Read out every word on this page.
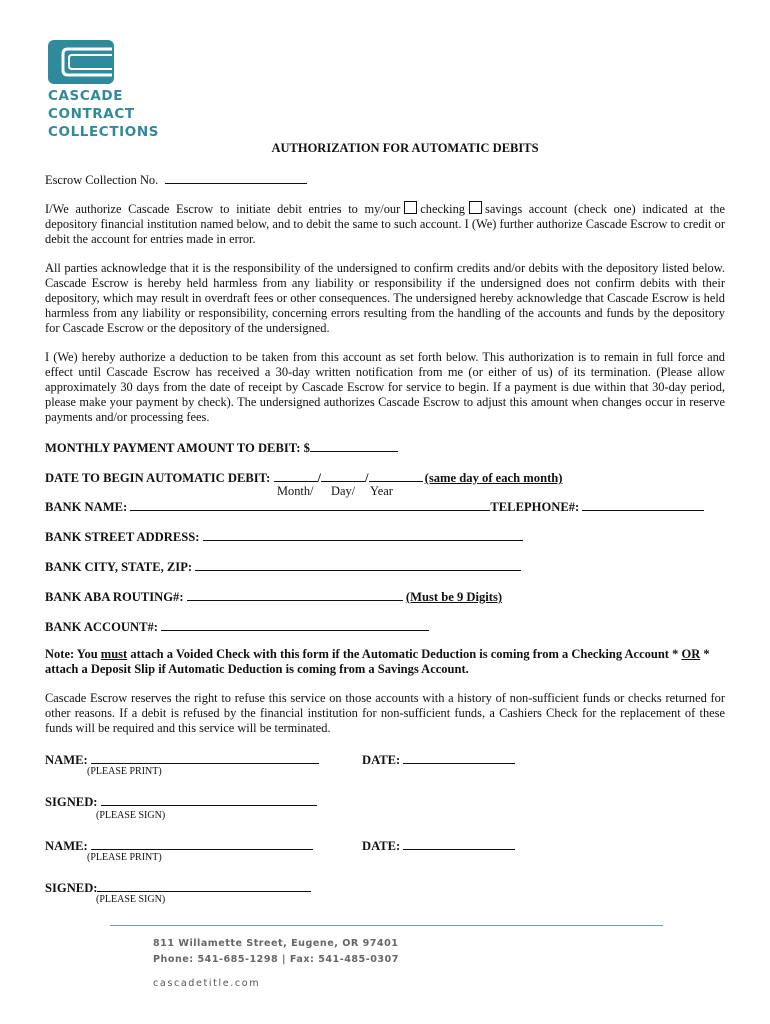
CASCADE
CONTRACT
COLLECTIONS
AUTHORIZATION FOR AUTOMATIC DEBITS
Escrow Collection No.
I/We authorize Cascade Escrow to initiate debit entries to my/our checking savings account (check one) indicated at the depository financial institution named below, and to debit the same to such account. I (We) further authorize Cascade Escrow to credit or debit the account for entries made in error.
All parties acknowledge that it is the responsibility of the undersigned to confirm credits and/or debits with the depository listed below. Cascade Escrow is hereby held harmless from any liability or responsibility if the undersigned does not confirm debits with their depository, which may result in overdraft fees or other consequences. The undersigned hereby acknowledge that Cascade Escrow is held harmless from any liability or responsibility, concerning errors resulting from the handling of the accounts and funds by the depository for Cascade Escrow or the depository of the undersigned.
I (We) hereby authorize a deduction to be taken from this account as set forth below. This authorization is to remain in full force and effect until Cascade Escrow has received a 30-day written notification from me (or either of us) of its termination. (Please allow approximately 30 days from the date of receipt by Cascade Escrow for service to begin. If a payment is due within that 30-day period, please make your payment by check). The undersigned authorizes Cascade Escrow to adjust this amount when changes occur in reserve payments and/or processing fees.
MONTHLY PAYMENT AMOUNT TO DEBIT: $
DATE TO BEGIN AUTOMATIC DEBIT:	/	/	(same day of each month)
Month/ Day/ Year
BANK NAME:	TELEPHONE#:
BANK STREET ADDRESS:
BANK CITY, STATE, ZIP:
BANK ABA ROUTING#:	(Must be 9 Digits)
BANK ACCOUNT#:
Note: You must attach a Voided Check with this form if the Automatic Deduction is coming from a Checking Account * OR * attach a Deposit Slip if Automatic Deduction is coming from a Savings Account.
Cascade Escrow reserves the right to refuse this service on those accounts with a history of non-sufficient funds or checks returned for other reasons. If a debit is refused by the financial institution for non-sufficient funds, a Cashiers Check for the replacement of these funds will be required and this service will be terminated.
NAME:	DATE:
(PLEASE PRINT)
SIGNED:
(PLEASE SIGN)
NAME:	DATE:
(PLEASE PRINT)
SIGNED:
(PLEASE SIGN)
811 Willamette Street, Eugene, OR 97401
Phone: 541-685-1298 | Fax: 541-485-0307
cascadetitle.com
